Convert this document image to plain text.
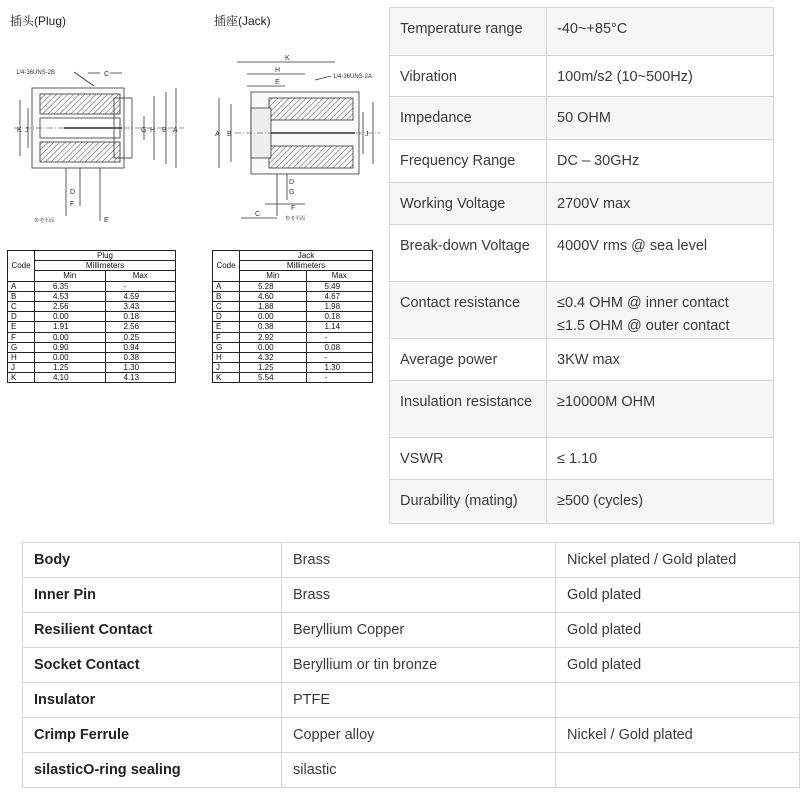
插头(Plug)
1/4-36UNS-2B	C
G H B A
K J
D
F
参考平面	E
插座(Jack)
K
H
E
1/4-36UNS-2A
A B	J
D
G
F
C
参考平面
Code	Plug	
	Millimeters	
	Min	Max
A	6.35	-
B	4.53	4.59
C	2.56	3.43
D	0.00	0.18
E	1.91	2.56
F	0.00	0.25
G	0.90	0.94
H	0.00	0.38
J	1.25	1.30
K	4.10	4.13
Code	Jack	
	Millimeters	
	Min	Max
A	5.28	5.49
B	4.60	4.67
C	1.88	1.98
D	0.00	0.18
E	0.38	1.14
F	2.92	-
G	0.00	0.08
H	4.32	-
J	1.25	1.30
K	5.54	-
Temperature range	-40~+85°C
Vibration	100m/s2 (10~500Hz)
Impedance	50 OHM
Frequency Range	DC – 30GHz
Working Voltage	2700V max
Break-down Voltage	4000V rms @ sea level
Contact resistance	≤0.4 OHM @ inner contact
≤1.5 OHM @ outer contact
Average power	3KW max
Insulation resistance	≥10000M OHM
VSWR	≤ 1.10
Durability (mating)	≥500 (cycles)
Body	Brass	Nickel plated / Gold plated
Inner Pin	Brass	Gold plated
Resilient Contact	Beryllium Copper	Gold plated
Socket Contact	Beryllium or tin bronze	Gold plated
Insulator	PTFE	
Crimp Ferrule	Copper alloy	Nickel / Gold plated
silasticO-ring sealing	silastic	
